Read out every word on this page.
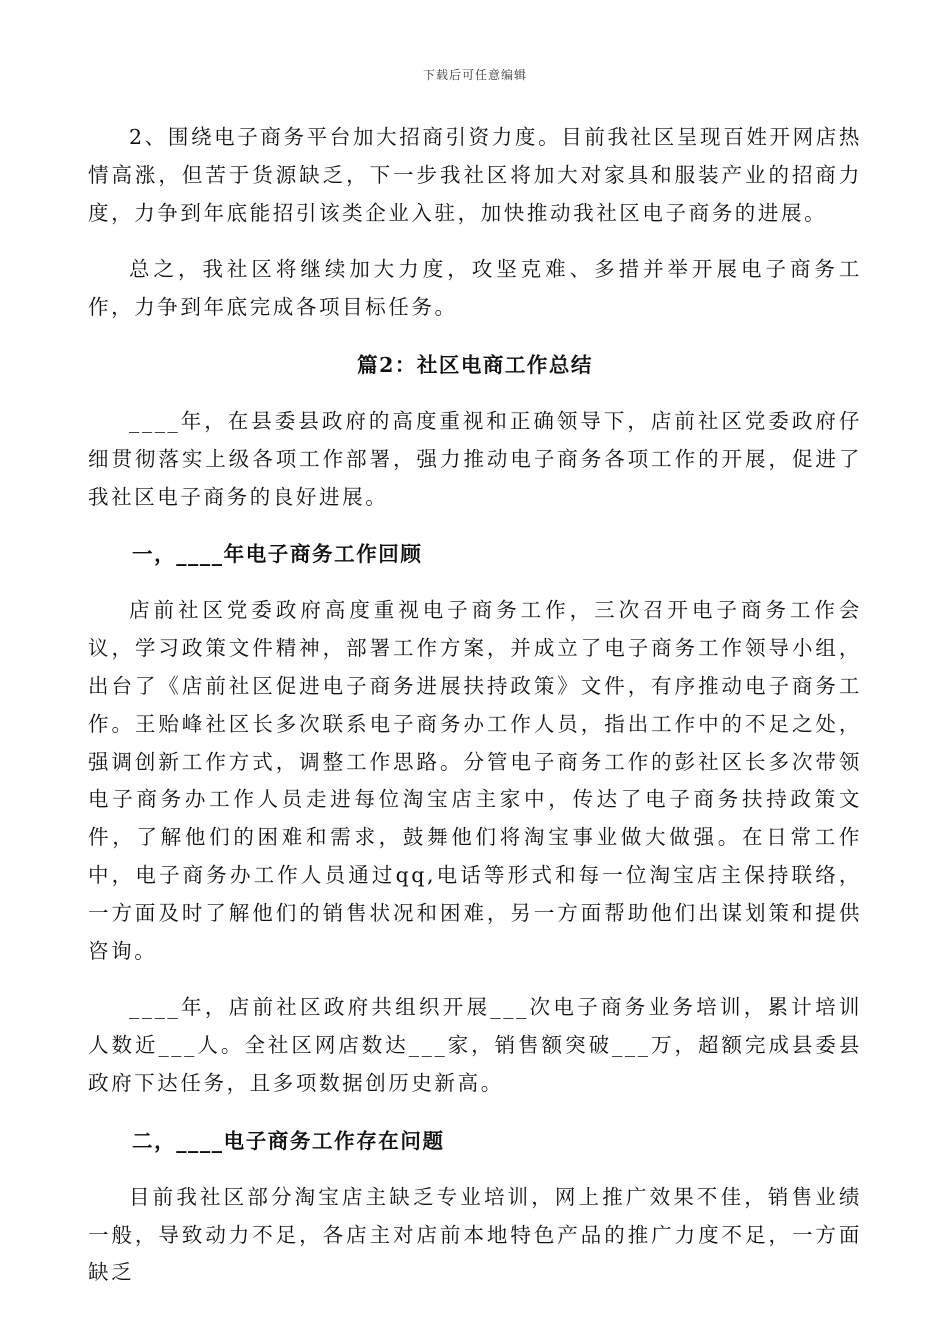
下载后可任意编辑

2、围绕电子商务平台加大招商引资力度。目前我社区呈现百姓开网店热情高涨，但苦于货源缺乏，下一步我社区将加大对家具和服装产业的招商力度，力争到年底能招引该类企业入驻，加快推动我社区电子商务的进展。

总之，我社区将继续加大力度，攻坚克难、多措并举开展电子商务工作，力争到年底完成各项目标任务。

篇2：社区电商工作总结

____年，在县委县政府的高度重视和正确领导下，店前社区党委政府仔细贯彻落实上级各项工作部署，强力推动电子商务各项工作的开展，促进了我社区电子商务的良好进展。

一，____年电子商务工作回顾

店前社区党委政府高度重视电子商务工作，三次召开电子商务工作会议，学习政策文件精神，部署工作方案，并成立了电子商务工作领导小组，出台了《店前社区促进电子商务进展扶持政策》文件，有序推动电子商务工作。王贻峰社区长多次联系电子商务办工作人员，指出工作中的不足之处，强调创新工作方式，调整工作思路。分管电子商务工作的彭社区长多次带领电子商务办工作人员走进每位淘宝店主家中，传达了电子商务扶持政策文件，了解他们的困难和需求，鼓舞他们将淘宝事业做大做强。在日常工作中，电子商务办工作人员通过qq,电话等形式和每一位淘宝店主保持联络，一方面及时了解他们的销售状况和困难，另一方面帮助他们出谋划策和提供咨询。

____年，店前社区政府共组织开展___次电子商务业务培训，累计培训人数近___人。全社区网店数达___家，销售额突破___万，超额完成县委县政府下达任务，且多项数据创历史新高。

二，____电子商务工作存在问题

目前我社区部分淘宝店主缺乏专业培训，网上推广效果不佳，销售业绩一般，导致动力不足，各店主对店前本地特色产品的推广力度不足，一方面缺乏
